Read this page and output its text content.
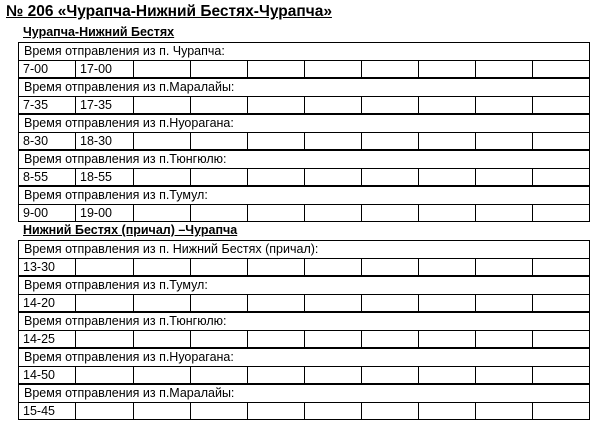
№ 206 «Чурапча-Нижний Бестях-Чурапча»
Чурапча-Нижний Бестях
Время отправления из п. Чурапча:
7-00	17-00
Время отправления из п.Маралайы:
7-35	17-35
Время отправления из п.Нуорагана:
8-30	18-30
Время отправления из п.Тюнгюлю:
8-55	18-55
Время отправления из п.Тумул:
9-00	19-00
Нижний Бестях (причал) –Чурапча
Время отправления из п. Нижний Бестях (причал):
13-30
Время отправления из п.Тумул:
14-20
Время отправления из п.Тюнгюлю:
14-25
Время отправления из п.Нуорагана:
14-50
Время отправления из п.Маралайы:
15-45
